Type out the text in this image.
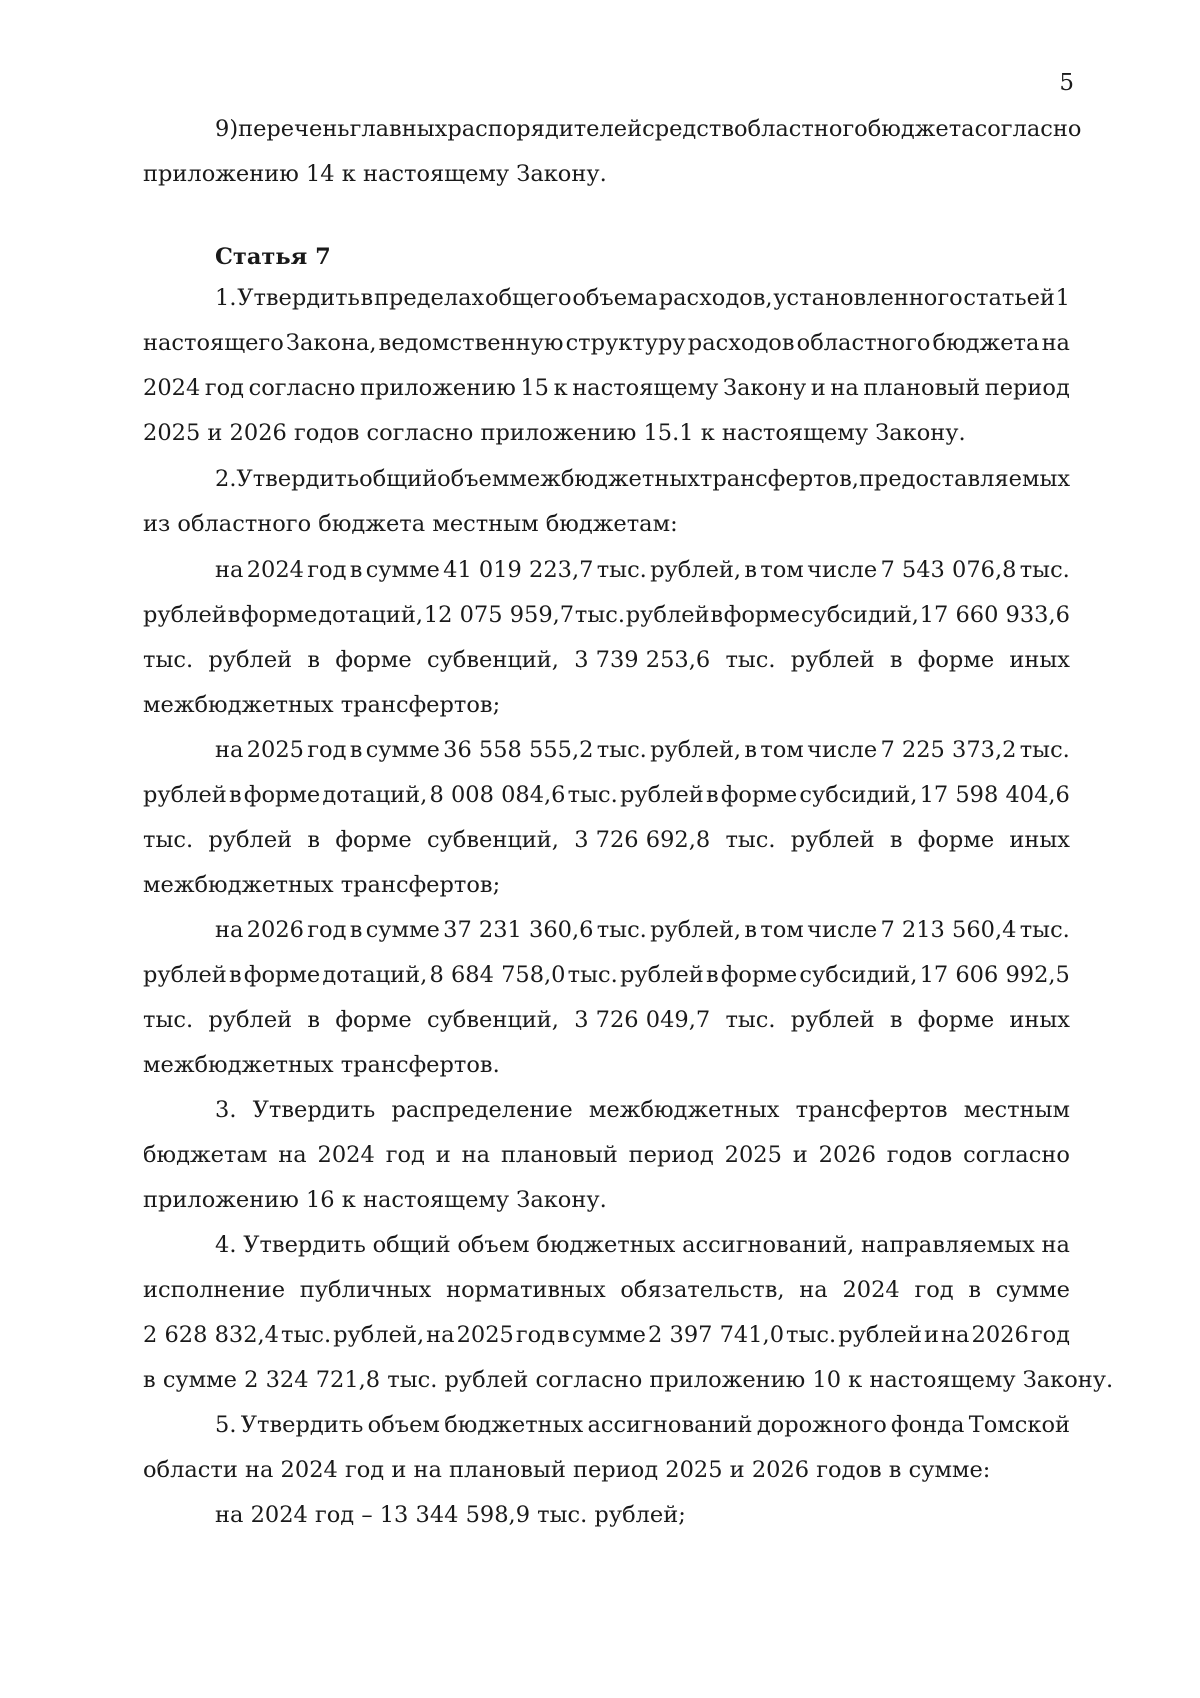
5
9) перечень главных распорядителей средств областного бюджета согласно
приложению 14 к настоящему Закону.
Статья 7
1. Утвердить в пределах общего объема расходов, установленного статьей 1
настоящего Закона, ведомственную структуру расходов областного бюджета на
2024 год согласно приложению 15 к настоящему Закону и на плановый период
2025 и 2026 годов согласно приложению 15.1 к настоящему Закону.
2. Утвердить общий объем межбюджетных трансфертов, предоставляемых
из областного бюджета местным бюджетам:
на 2024 год в сумме 41 019 223,7 тыс. рублей, в том числе 7 543 076,8 тыс.
рублей в форме дотаций, 12 075 959,7 тыс. рублей в форме субсидий, 17 660 933,6
тыс. рублей в форме субвенций, 3 739 253,6 тыс. рублей в форме иных
межбюджетных трансфертов;
на 2025 год в сумме 36 558 555,2 тыс. рублей, в том числе 7 225 373,2 тыс.
рублей в форме дотаций, 8 008 084,6 тыс. рублей в форме субсидий, 17 598 404,6
тыс. рублей в форме субвенций, 3 726 692,8 тыс. рублей в форме иных
межбюджетных трансфертов;
на 2026 год в сумме 37 231 360,6 тыс. рублей, в том числе 7 213 560,4 тыс.
рублей в форме дотаций, 8 684 758,0 тыс. рублей в форме субсидий, 17 606 992,5
тыс. рублей в форме субвенций, 3 726 049,7 тыс. рублей в форме иных
межбюджетных трансфертов.
3. Утвердить распределение межбюджетных трансфертов местным
бюджетам на 2024 год и на плановый период 2025 и 2026 годов согласно
приложению 16 к настоящему Закону.
4. Утвердить общий объем бюджетных ассигнований, направляемых на
исполнение публичных нормативных обязательств, на 2024 год в сумме
2 628 832,4 тыс. рублей, на 2025 год в сумме 2 397 741,0 тыс. рублей и на 2026 год
в сумме 2 324 721,8 тыс. рублей согласно приложению 10 к настоящему Закону.
5. Утвердить объем бюджетных ассигнований дорожного фонда Томской
области на 2024 год и на плановый период 2025 и 2026 годов в сумме:
на 2024 год – 13 344 598,9 тыс. рублей;
